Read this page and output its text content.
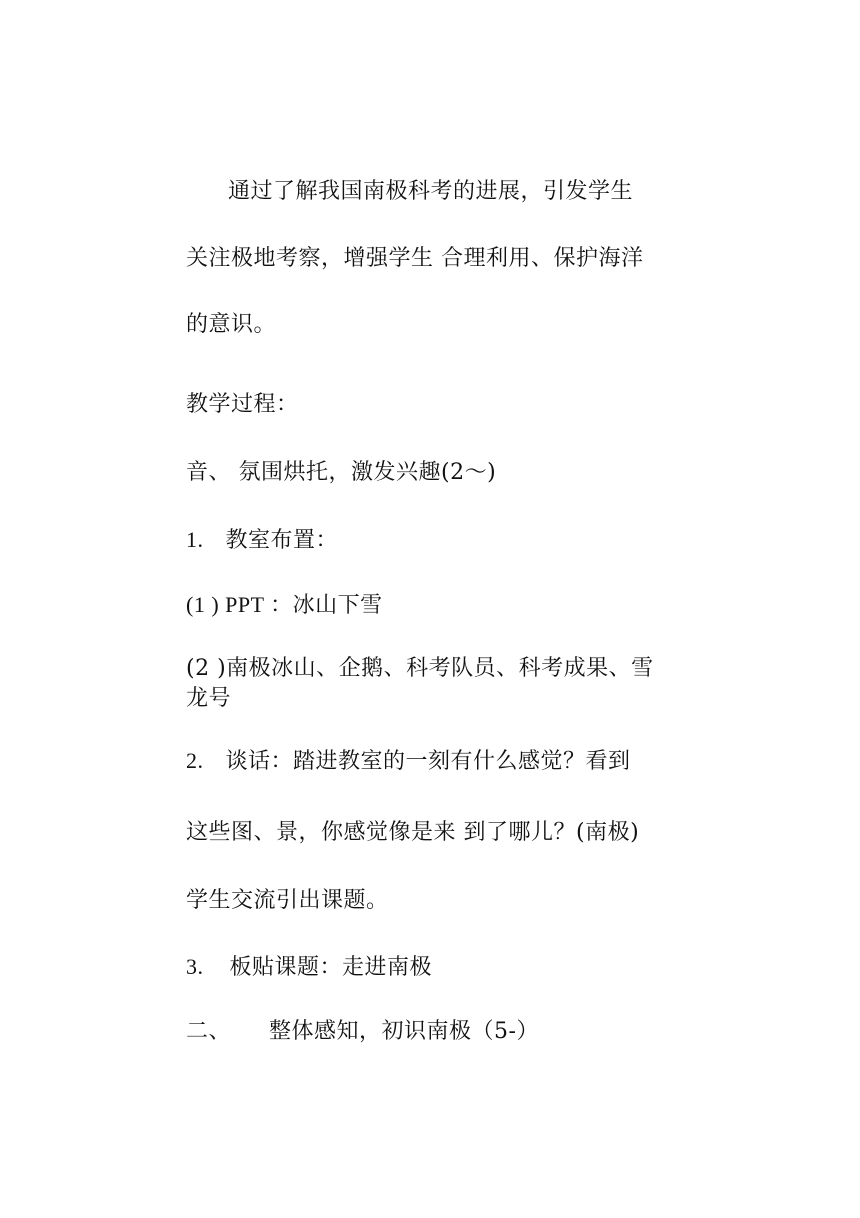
通过了解我国南极科考的进展，引发学生
关注极地考察，增强学生 合理利用、保护海洋
的意识。
教学过程：
音、 氛围烘托，激发兴趣(2～)
1. 教室布置：
(1 ) PPT ：冰山下雪
(2 )南极冰山、企鹅、科考队员、科考成果、雪
龙号
2. 谈话：踏进教室的一刻有什么感觉？看到
这些图、景，你感觉像是来 到了哪儿？(南极)
学生交流引出课题。
3. 板贴课题：走进南极
二、 整体感知，初识南极（5-）
